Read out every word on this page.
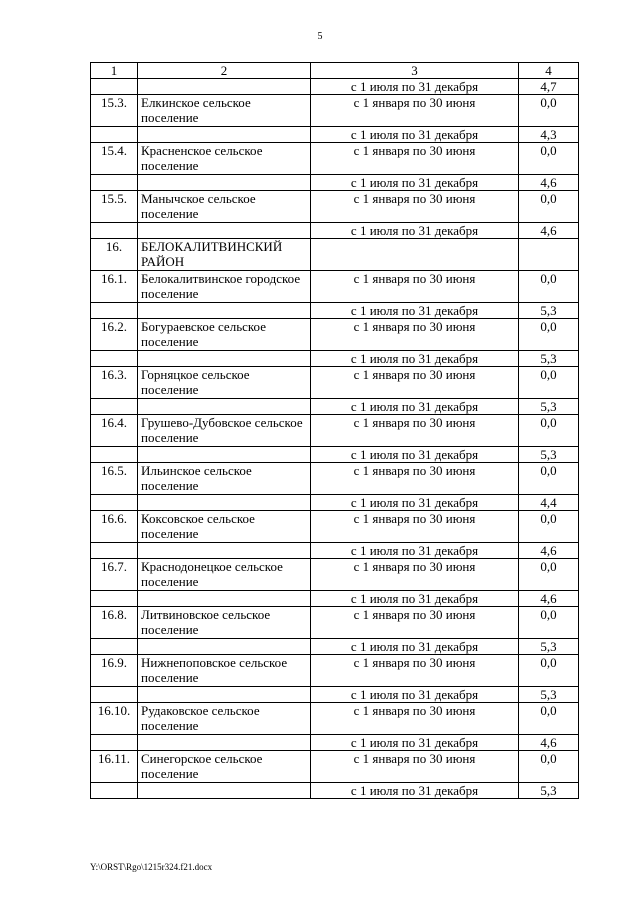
5
1	2	3	4
		с 1 июля по 31 декабря	4,7
15.3.	Елкинское сельское поселение	с 1 января по 30 июня	0,0
		с 1 июля по 31 декабря	4,3
15.4.	Красненское сельское поселение	с 1 января по 30 июня	0,0
		с 1 июля по 31 декабря	4,6
15.5.	Манычское сельское поселение	с 1 января по 30 июня	0,0
		с 1 июля по 31 декабря	4,6
16.	БЕЛОКАЛИТВИНСКИЙ РАЙОН		
16.1.	Белокалитвинское городское поселение	с 1 января по 30 июня	0,0
		с 1 июля по 31 декабря	5,3
16.2.	Богураевское сельское поселение	с 1 января по 30 июня	0,0
		с 1 июля по 31 декабря	5,3
16.3.	Горняцкое сельское поселение	с 1 января по 30 июня	0,0
		с 1 июля по 31 декабря	5,3
16.4.	Грушево-Дубовское сельское поселение	с 1 января по 30 июня	0,0
		с 1 июля по 31 декабря	5,3
16.5.	Ильинское сельское поселение	с 1 января по 30 июня	0,0
		с 1 июля по 31 декабря	4,4
16.6.	Коксовское сельское поселение	с 1 января по 30 июня	0,0
		с 1 июля по 31 декабря	4,6
16.7.	Краснодонецкое сельское поселение	с 1 января по 30 июня	0,0
		с 1 июля по 31 декабря	4,6
16.8.	Литвиновское сельское поселение	с 1 января по 30 июня	0,0
		с 1 июля по 31 декабря	5,3
16.9.	Нижнепоповское сельское поселение	с 1 января по 30 июня	0,0
		с 1 июля по 31 декабря	5,3
16.10.	Рудаковское сельское поселение	с 1 января по 30 июня	0,0
		с 1 июля по 31 декабря	4,6
16.11.	Синегорское сельское поселение	с 1 января по 30 июня	0,0
		с 1 июля по 31 декабря	5,3
Y:\ORST\Rgo\1215r324.f21.docx
